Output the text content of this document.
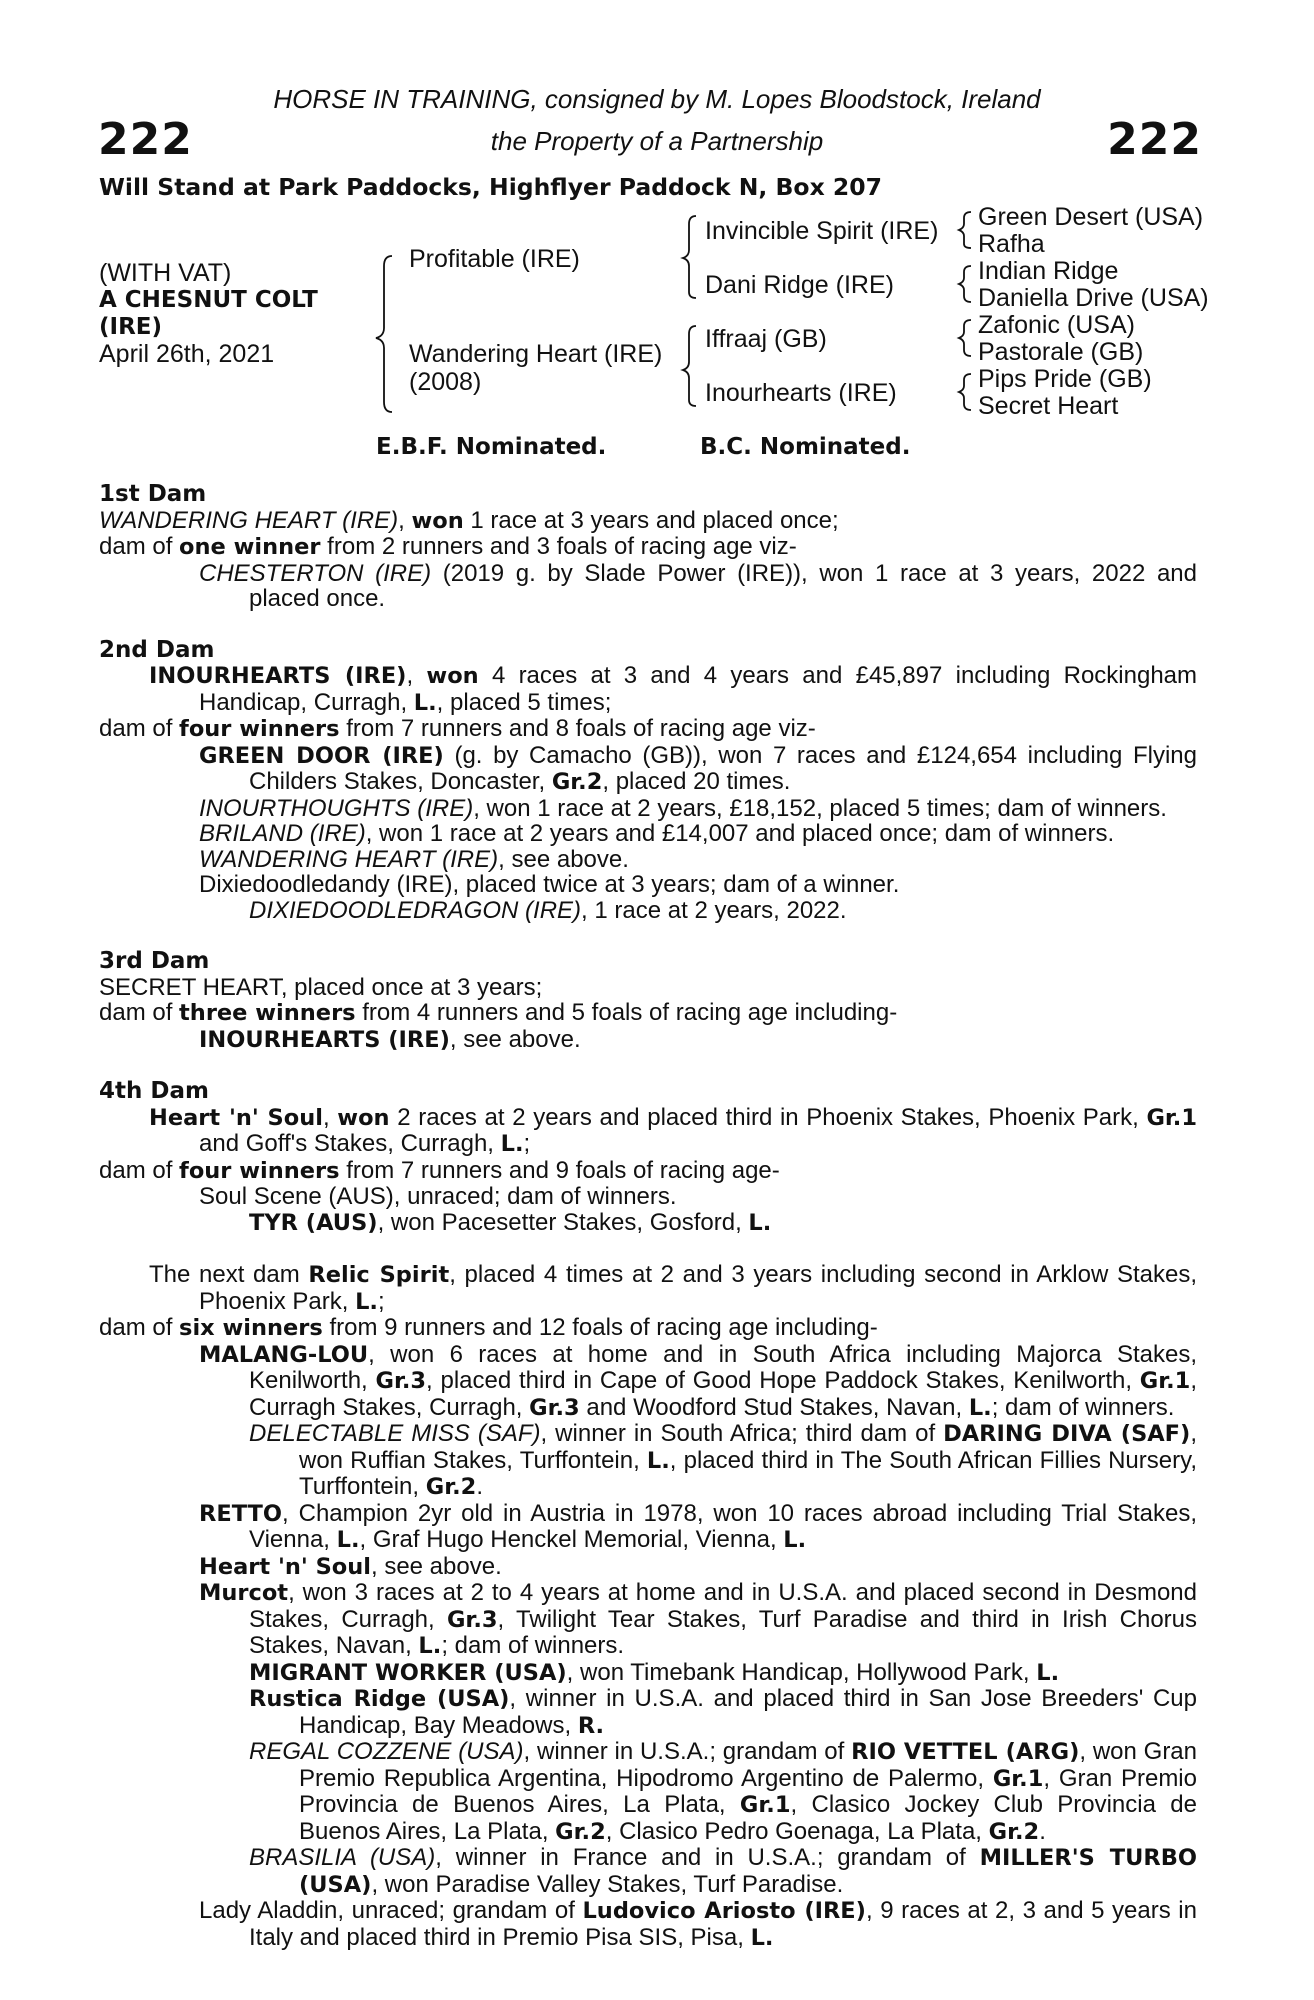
222	222
HORSE IN TRAINING, consigned by M. Lopes Bloodstock, Ireland
the Property of a Partnership
Will Stand at Park Paddocks, Highflyer Paddock N, Box 207
(WITH VAT)
A CHESNUT COLT
(IRE)
April 26th, 2021
Profitable (IRE)
Wandering Heart (IRE)
(2008)
Invincible Spirit (IRE)
Dani Ridge (IRE)
Iffraaj (GB)
Inourhearts (IRE)
Green Desert (USA)
Rafha
Indian Ridge
Daniella Drive (USA)
Zafonic (USA)
Pastorale (GB)
Pips Pride (GB)
Secret Heart
E.B.F. Nominated.	B.C. Nominated.
1st Dam
WANDERING HEART (IRE), won 1 race at 3 years and placed once;
dam of one winner from 2 runners and 3 foals of racing age viz-
CHESTERTON (IRE) (2019 g. by Slade Power (IRE)), won 1 race at 3 years, 2022 and placed once.
2nd Dam
INOURHEARTS (IRE), won 4 races at 3 and 4 years and £45,897 including Rockingham Handicap, Curragh, L., placed 5 times;
dam of four winners from 7 runners and 8 foals of racing age viz-
GREEN DOOR (IRE) (g. by Camacho (GB)), won 7 races and £124,654 including Flying Childers Stakes, Doncaster, Gr.2, placed 20 times.
INOURTHOUGHTS (IRE), won 1 race at 2 years, £18,152, placed 5 times; dam of winners.
BRILAND (IRE), won 1 race at 2 years and £14,007 and placed once; dam of winners.
WANDERING HEART (IRE), see above.
Dixiedoodledandy (IRE), placed twice at 3 years; dam of a winner.
DIXIEDOODLEDRAGON (IRE), 1 race at 2 years, 2022.
3rd Dam
SECRET HEART, placed once at 3 years;
dam of three winners from 4 runners and 5 foals of racing age including-
INOURHEARTS (IRE), see above.
4th Dam
Heart 'n' Soul, won 2 races at 2 years and placed third in Phoenix Stakes, Phoenix Park, Gr.1 and Goff's Stakes, Curragh, L.;
dam of four winners from 7 runners and 9 foals of racing age-
Soul Scene (AUS), unraced; dam of winners.
TYR (AUS), won Pacesetter Stakes, Gosford, L.
The next dam Relic Spirit, placed 4 times at 2 and 3 years including second in Arklow Stakes, Phoenix Park, L.;
dam of six winners from 9 runners and 12 foals of racing age including-
MALANG-LOU, won 6 races at home and in South Africa including Majorca Stakes, Kenilworth, Gr.3, placed third in Cape of Good Hope Paddock Stakes, Kenilworth, Gr.1, Curragh Stakes, Curragh, Gr.3 and Woodford Stud Stakes, Navan, L.; dam of winners.
DELECTABLE MISS (SAF), winner in South Africa; third dam of DARING DIVA (SAF), won Ruffian Stakes, Turffontein, L., placed third in The South African Fillies Nursery, Turffontein, Gr.2.
RETTO, Champion 2yr old in Austria in 1978, won 10 races abroad including Trial Stakes, Vienna, L., Graf Hugo Henckel Memorial, Vienna, L.
Heart 'n' Soul, see above.
Murcot, won 3 races at 2 to 4 years at home and in U.S.A. and placed second in Desmond Stakes, Curragh, Gr.3, Twilight Tear Stakes, Turf Paradise and third in Irish Chorus Stakes, Navan, L.; dam of winners.
MIGRANT WORKER (USA), won Timebank Handicap, Hollywood Park, L.
Rustica Ridge (USA), winner in U.S.A. and placed third in San Jose Breeders' Cup Handicap, Bay Meadows, R.
REGAL COZZENE (USA), winner in U.S.A.; grandam of RIO VETTEL (ARG), won Gran Premio Republica Argentina, Hipodromo Argentino de Palermo, Gr.1, Gran Premio Provincia de Buenos Aires, La Plata, Gr.1, Clasico Jockey Club Provincia de Buenos Aires, La Plata, Gr.2, Clasico Pedro Goenaga, La Plata, Gr.2.
BRASILIA (USA), winner in France and in U.S.A.; grandam of MILLER'S TURBO (USA), won Paradise Valley Stakes, Turf Paradise.
Lady Aladdin, unraced; grandam of Ludovico Ariosto (IRE), 9 races at 2, 3 and 5 years in Italy and placed third in Premio Pisa SIS, Pisa, L.
